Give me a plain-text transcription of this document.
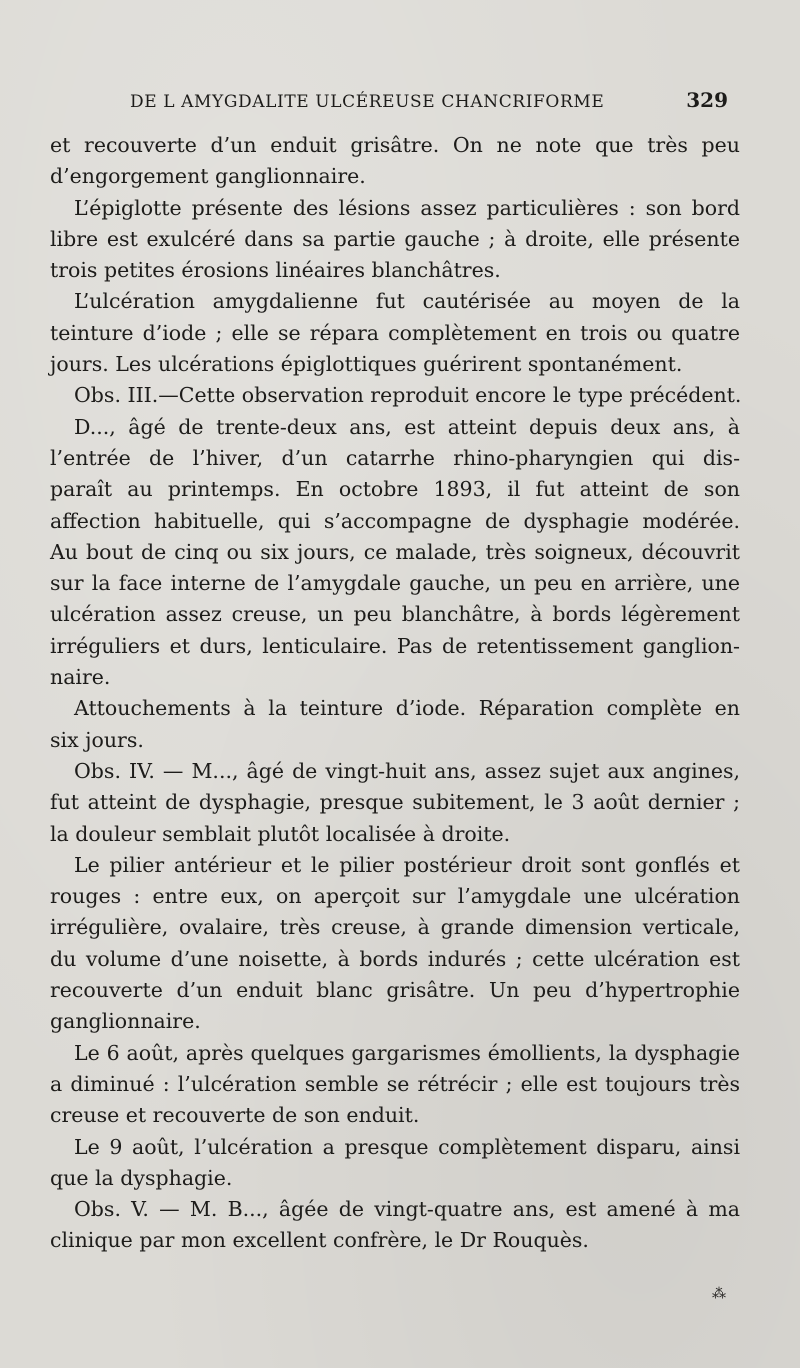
DE L AMYGDALITE ULCÉREUSE CHANCRIFORME	329
et recouverte d’un enduit grisâtre. On ne note que très peu
d’engorgement ganglionnaire.
L’épiglotte présente des lésions assez particulières : son bord
libre est exulcéré dans sa partie gauche ; à droite, elle présente
trois petites érosions linéaires blanchâtres.
L’ulcération amygdalienne fut cautérisée au moyen de la
teinture d’iode ; elle se répara complètement en trois ou quatre
jours. Les ulcérations épiglottiques guérirent spontanément.
Obs. III.—Cette observation reproduit encore le type précédent.
D..., âgé de trente-deux ans, est atteint depuis deux ans, à
l’entrée de l’hiver, d’un catarrhe rhino-pharyngien qui dis-
paraît au printemps. En octobre 1893, il fut atteint de son
affection habituelle, qui s’accompagne de dysphagie modérée.
Au bout de cinq ou six jours, ce malade, très soigneux, découvrit
sur la face interne de l’amygdale gauche, un peu en arrière, une
ulcération assez creuse, un peu blanchâtre, à bords légèrement
irréguliers et durs, lenticulaire. Pas de retentissement ganglion-
naire.
Attouchements à la teinture d’iode. Réparation complète en
six jours.
Obs. IV. — M..., âgé de vingt-huit ans, assez sujet aux angines,
fut atteint de dysphagie, presque subitement, le 3 août dernier ;
la douleur semblait plutôt localisée à droite.
Le pilier antérieur et le pilier postérieur droit sont gonflés et
rouges : entre eux, on aperçoit sur l’amygdale une ulcération
irrégulière, ovalaire, très creuse, à grande dimension verticale,
du volume d’une noisette, à bords indurés ; cette ulcération est
recouverte d’un enduit blanc grisâtre. Un peu d’hypertrophie
ganglionnaire.
Le 6 août, après quelques gargarismes émollients, la dysphagie
a diminué : l’ulcération semble se rétrécir ; elle est toujours très
creuse et recouverte de son enduit.
Le 9 août, l’ulcération a presque complètement disparu, ainsi
que la dysphagie.
Obs. V. — M. B..., âgée de vingt-quatre ans, est amené à ma
clinique par mon excellent confrère, le Dr Rouquès.
⁂
